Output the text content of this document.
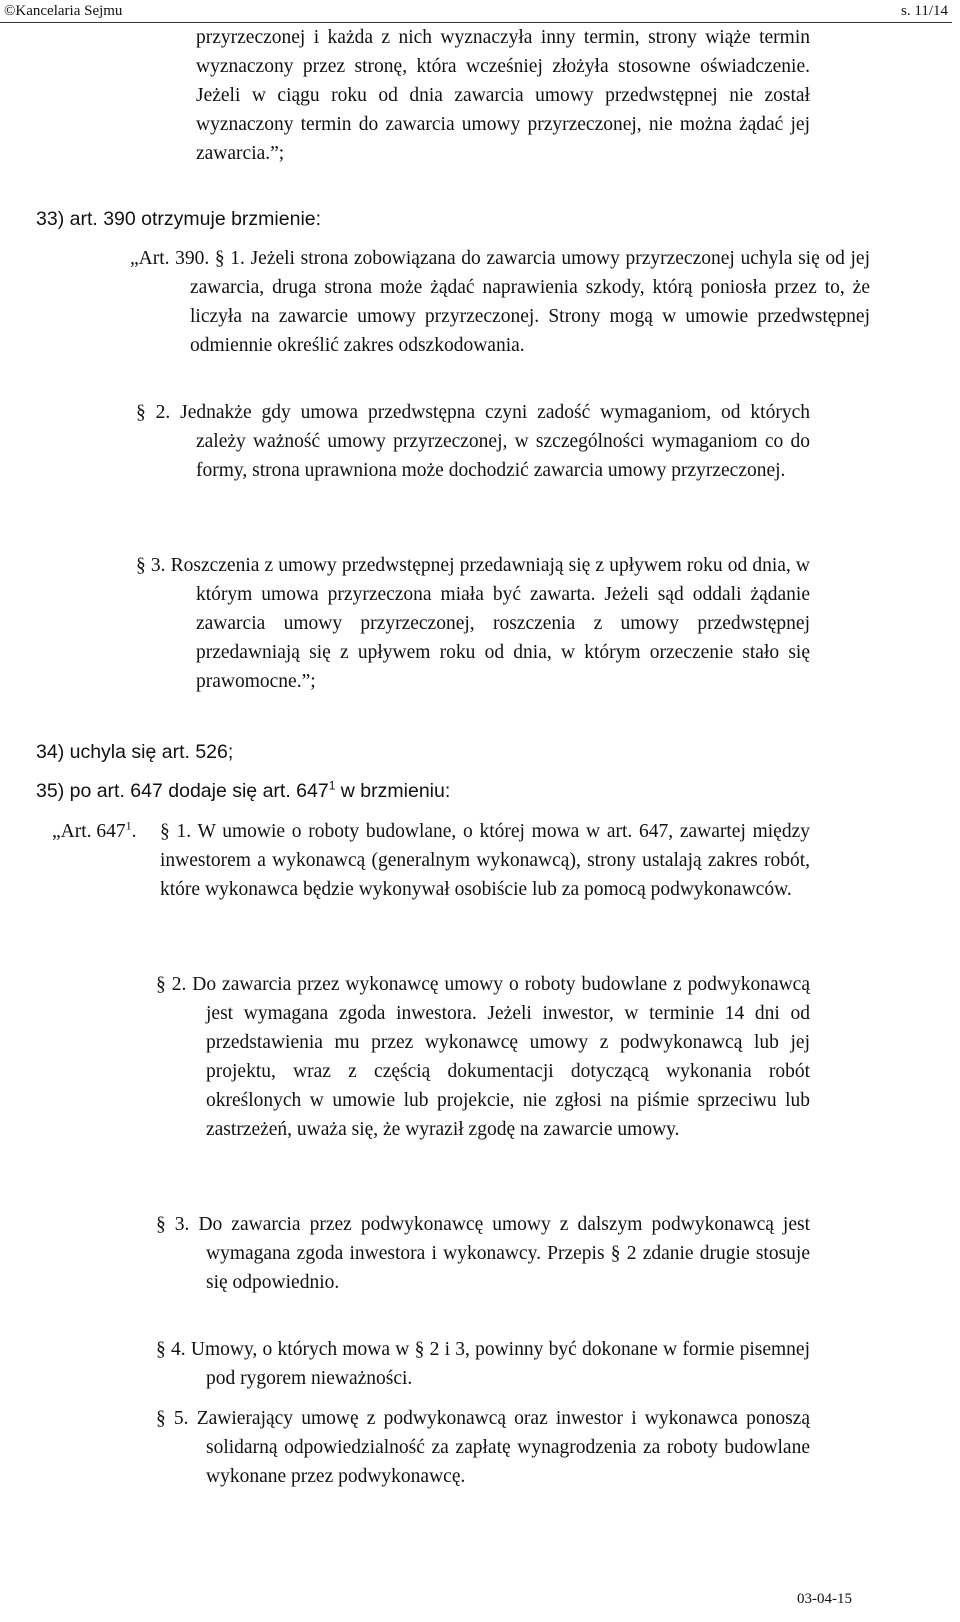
©Kancelaria Sejmu	s. 11/14

przyrzeczonej i każda z nich wyznaczyła inny termin, strony wiąże termin wyznaczony przez stronę, która wcześniej złożyła stosowne oświadczenie. Jeżeli w ciągu roku od dnia zawarcia umowy przedwstępnej nie został wyznaczony termin do zawarcia umowy przyrzeczonej, nie można żądać jej zawarcia.”;

33) art. 390 otrzymuje brzmienie:

„Art. 390. § 1. Jeżeli strona zobowiązana do zawarcia umowy przyrzeczonej uchyla się od jej zawarcia, druga strona może żądać naprawienia szkody, którą poniosła przez to, że liczyła na zawarcie umowy przyrzeczonej. Strony mogą w umowie przedwstępnej odmiennie określić zakres odszkodowania.

§ 2. Jednakże gdy umowa przedwstępna czyni zadość wymaganiom, od których zależy ważność umowy przyrzeczonej, w szczególności wymaganiom co do formy, strona uprawniona może dochodzić zawarcia umowy przyrzeczonej.

§ 3. Roszczenia z umowy przedwstępnej przedawniają się z upływem roku od dnia, w którym umowa przyrzeczona miała być zawarta. Jeżeli sąd oddali żądanie zawarcia umowy przyrzeczonej, roszczenia z umowy przedwstępnej przedawniają się z upływem roku od dnia, w którym orzeczenie stało się prawomocne.”;

34) uchyla się art. 526;

35) po art. 647 dodaje się art. $647^1$ w brzmieniu:

„Art. $647^1$.	§ 1. W umowie o roboty budowlane, o której mowa w art. 647, zawartej między inwestorem a wykonawcą (generalnym wykonawcą), strony ustalają zakres robót, które wykonawca będzie wykonywał osobiście lub za pomocą podwykonawców.

§ 2. Do zawarcia przez wykonawcę umowy o roboty budowlane z podwykonawcą jest wymagana zgoda inwestora. Jeżeli inwestor, w terminie 14 dni od przedstawienia mu przez wykonawcę umowy z podwykonawcą lub jej projektu, wraz z częścią dokumentacji dotyczącą wykonania robót określonych w umowie lub projekcie, nie zgłosi na piśmie sprzeciwu lub zastrzeżeń, uważa się, że wyraził zgodę na zawarcie umowy.

§ 3. Do zawarcia przez podwykonawcę umowy z dalszym podwykonawcą jest wymagana zgoda inwestora i wykonawcy. Przepis § 2 zdanie drugie stosuje się odpowiednio.

§ 4. Umowy, o których mowa w § 2 i 3, powinny być dokonane w formie pisemnej pod rygorem nieważności.

§ 5. Zawierający umowę z podwykonawcą oraz inwestor i wykonawca ponoszą solidarną odpowiedzialność za zapłatę wynagrodzenia za roboty budowlane wykonane przez podwykonawcę.

03-04-15
